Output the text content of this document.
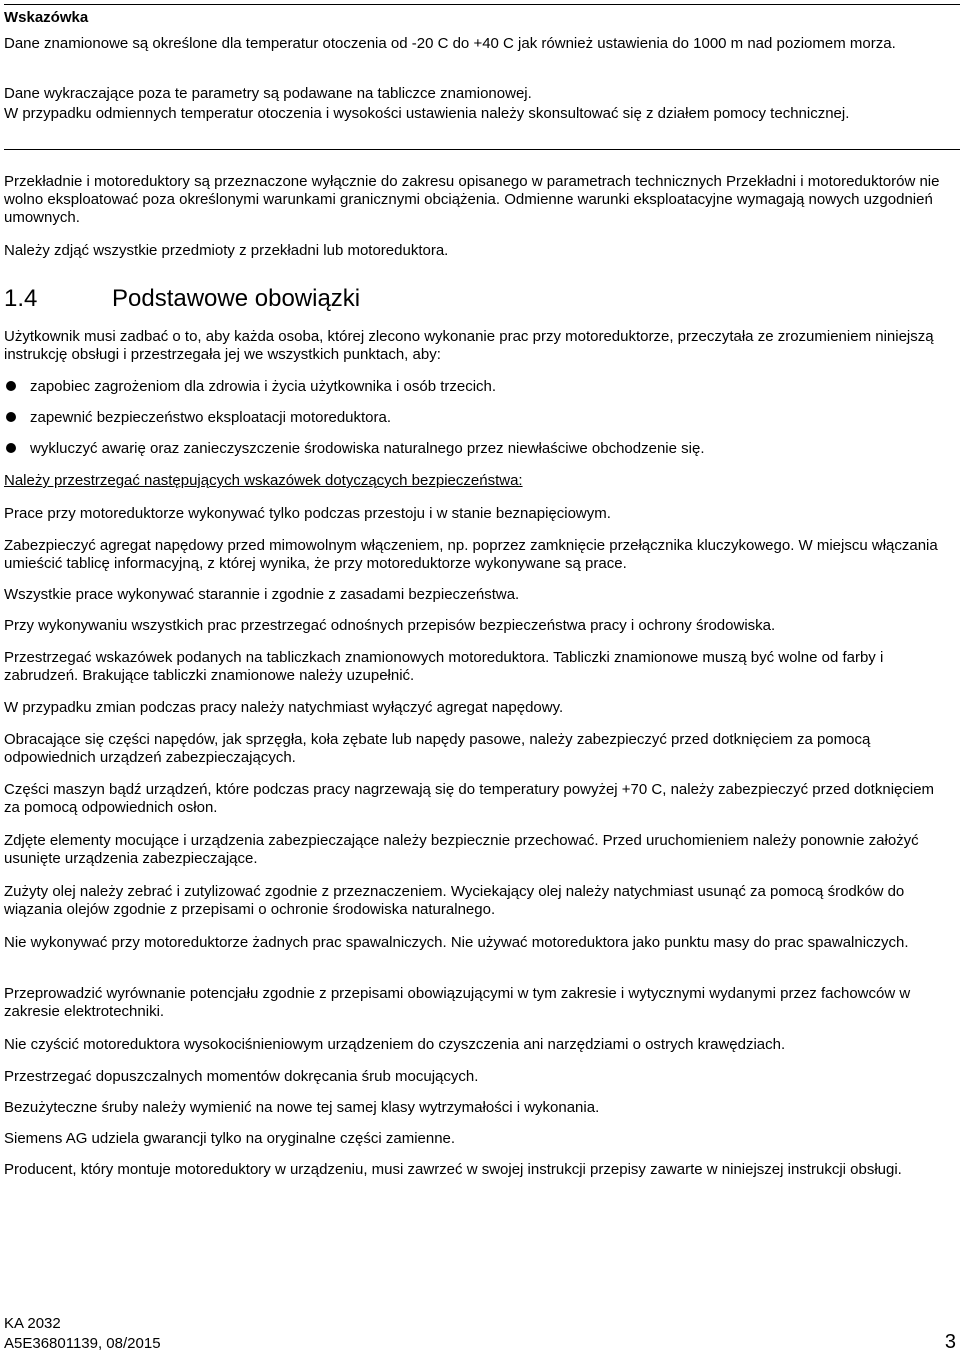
Wskazówka
Dane znamionowe są określone dla temperatur otoczenia od -20 C do +40 C jak również ustawienia do 1000 m nad poziomem morza.
Dane wykraczające poza te parametry są podawane na tabliczce znamionowej.
W przypadku odmiennych temperatur otoczenia i wysokości ustawienia należy skonsultować się z działem pomocy technicznej.
Przekładnie i motoreduktory są przeznaczone wyłącznie do zakresu opisanego w parametrach technicznych Przekładni i motoreduktorów nie wolno eksploatować poza określonymi warunkami granicznymi obciążenia. Odmienne warunki eksploatacyjne wymagają nowych uzgodnień umownych.
Należy zdjąć wszystkie przedmioty z przekładni lub motoreduktora.
1.4	Podstawowe obowiązki
Użytkownik musi zadbać o to, aby każda osoba, której zlecono wykonanie prac przy motoreduktorze, przeczytała ze zrozumieniem niniejszą instrukcję obsługi i przestrzegała jej we wszystkich punktach, aby:
zapobiec zagrożeniom dla zdrowia i życia użytkownika i osób trzecich.
zapewnić bezpieczeństwo eksploatacji motoreduktora.
wykluczyć awarię oraz zanieczyszczenie środowiska naturalnego przez niewłaściwe obchodzenie się.
Należy przestrzegać następujących wskazówek dotyczących bezpieczeństwa:
Prace przy motoreduktorze wykonywać tylko podczas przestoju i w stanie beznapięciowym.
Zabezpieczyć agregat napędowy przed mimowolnym włączeniem, np. poprzez zamknięcie przełącznika kluczykowego. W miejscu włączania umieścić tablicę informacyjną, z której wynika, że przy motoreduktorze wykonywane są prace.
Wszystkie prace wykonywać starannie i zgodnie z zasadami bezpieczeństwa.
Przy wykonywaniu wszystkich prac przestrzegać odnośnych przepisów bezpieczeństwa pracy i ochrony środowiska.
Przestrzegać wskazówek podanych na tabliczkach znamionowych motoreduktora. Tabliczki znamionowe muszą być wolne od farby i zabrudzeń. Brakujące tabliczki znamionowe należy uzupełnić.
W przypadku zmian podczas pracy należy natychmiast wyłączyć agregat napędowy.
Obracające się części napędów, jak sprzęgła, koła zębate lub napędy pasowe, należy zabezpieczyć przed dotknięciem za pomocą odpowiednich urządzeń zabezpieczających.
Części maszyn bądź urządzeń, które podczas pracy nagrzewają się do temperatury powyżej +70 C, należy zabezpieczyć przed dotknięciem za pomocą odpowiednich osłon.
Zdjęte elementy mocujące i urządzenia zabezpieczające należy bezpiecznie przechować. Przed uruchomieniem należy ponownie założyć usunięte urządzenia zabezpieczające.
Zużyty olej należy zebrać i zutylizować zgodnie z przeznaczeniem. Wyciekający olej należy natychmiast usunąć za pomocą środków do wiązania olejów zgodnie z przepisami o ochronie środowiska naturalnego.
Nie wykonywać przy motoreduktorze żadnych prac spawalniczych. Nie używać motoreduktora jako punktu masy do prac spawalniczych.
Przeprowadzić wyrównanie potencjału zgodnie z przepisami obowiązującymi w tym zakresie i wytycznymi wydanymi przez fachowców w zakresie elektrotechniki.
Nie czyścić motoreduktora wysokociśnieniowym urządzeniem do czyszczenia ani narzędziami o ostrych krawędziach.
Przestrzegać dopuszczalnych momentów dokręcania śrub mocujących.
Bezużyteczne śruby należy wymienić na nowe tej samej klasy wytrzymałości i wykonania.
Siemens AG udziela gwarancji tylko na oryginalne części zamienne.
Producent, który montuje motoreduktory w urządzeniu, musi zawrzeć w swojej instrukcji przepisy zawarte w niniejszej instrukcji obsługi.
KA 2032
A5E36801139, 08/2015	3
